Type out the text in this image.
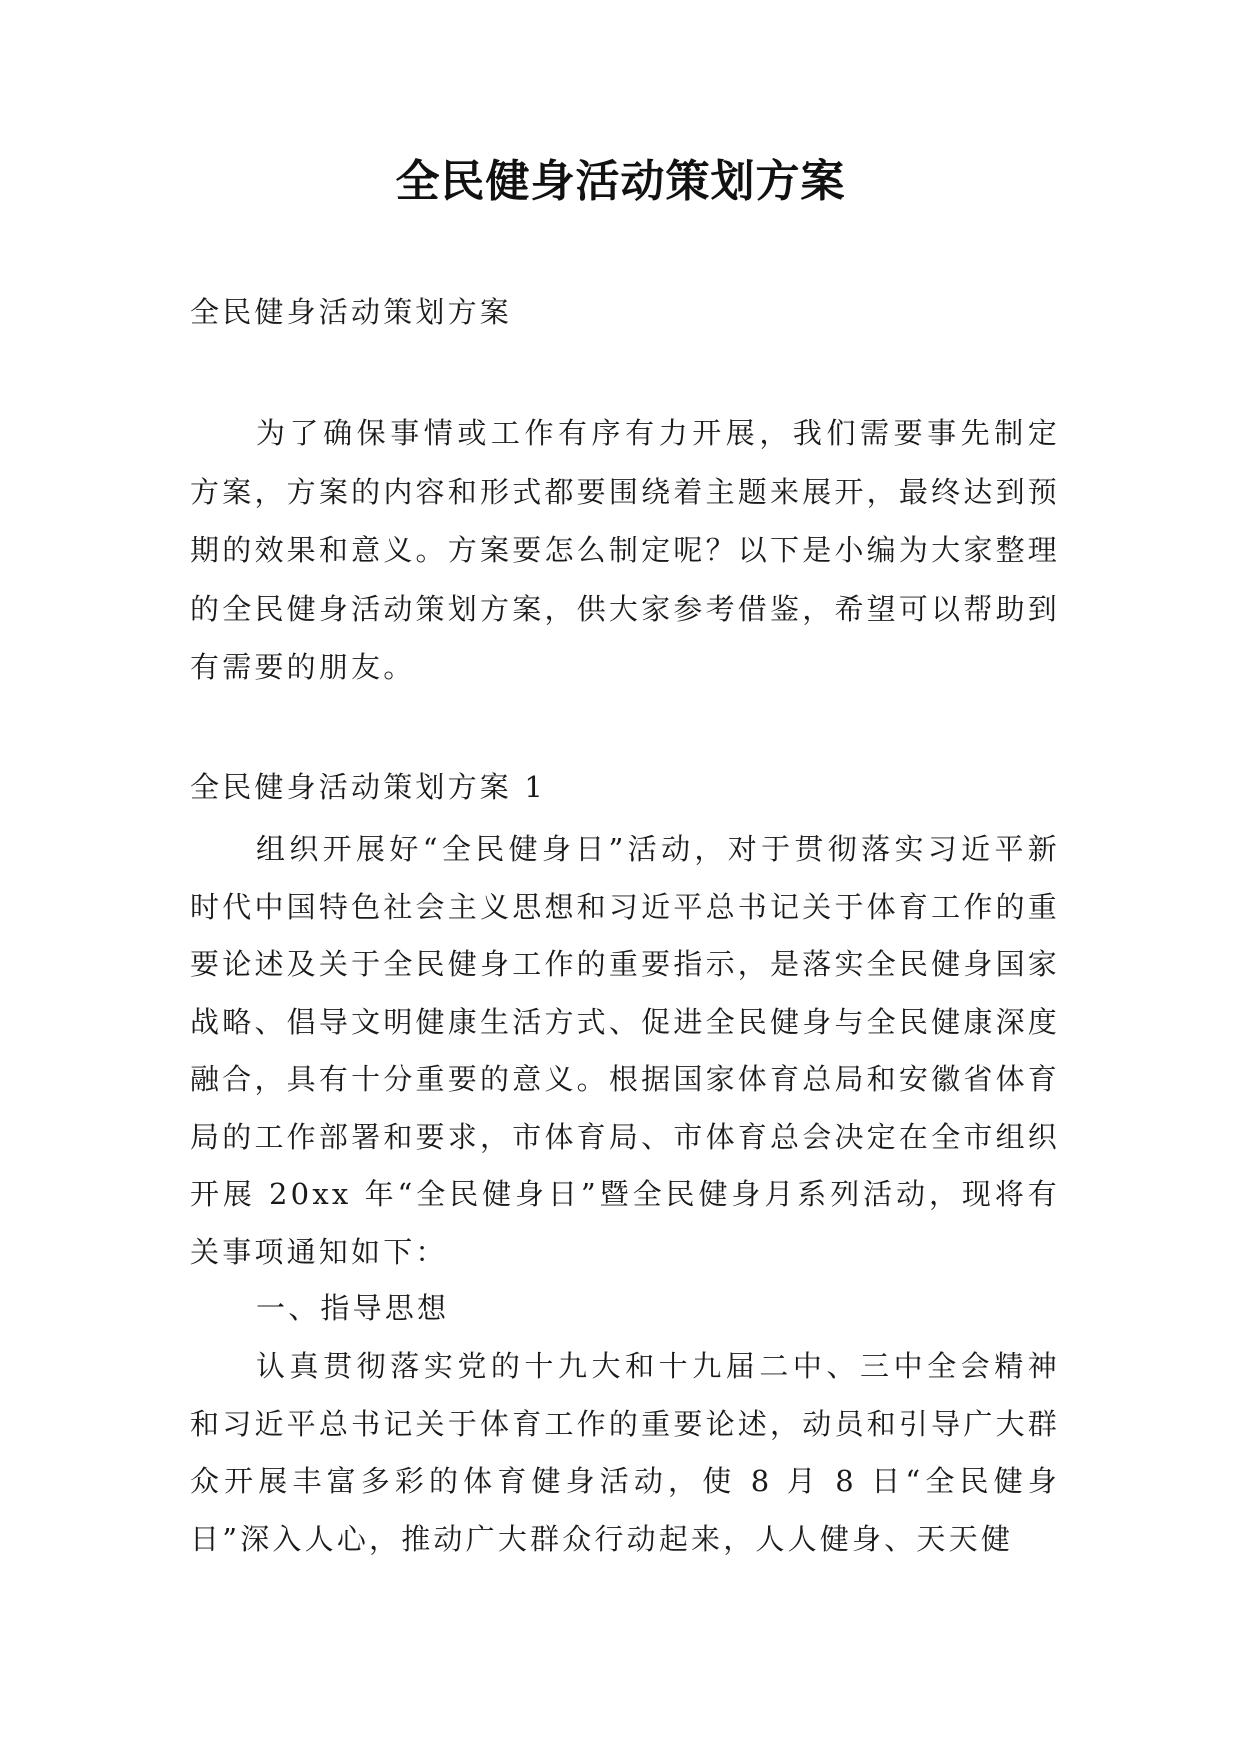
全民健身活动策划方案

全民健身活动策划方案

为了确保事情或工作有序有力开展，我们需要事先制定方案，方案的内容和形式都要围绕着主题来展开，最终达到预期的效果和意义。方案要怎么制定呢？以下是小编为大家整理的全民健身活动策划方案，供大家参考借鉴，希望可以帮助到有需要的朋友。

全民健身活动策划方案 1

组织开展好“全民健身日”活动，对于贯彻落实习近平新时代中国特色社会主义思想和习近平总书记关于体育工作的重要论述及关于全民健身工作的重要指示，是落实全民健身国家战略、倡导文明健康生活方式、促进全民健身与全民健康深度融合，具有十分重要的意义。根据国家体育总局和安徽省体育局的工作部署和要求，市体育局、市体育总会决定在全市组织开展 20xx 年“全民健身日”暨全民健身月系列活动，现将有关事项通知如下：

一、指导思想

认真贯彻落实党的十九大和十九届二中、三中全会精神和习近平总书记关于体育工作的重要论述，动员和引导广大群众开展丰富多彩的体育健身活动，使 8 月 8 日“全民健身日”深入人心，推动广大群众行动起来，人人健身、天天健
